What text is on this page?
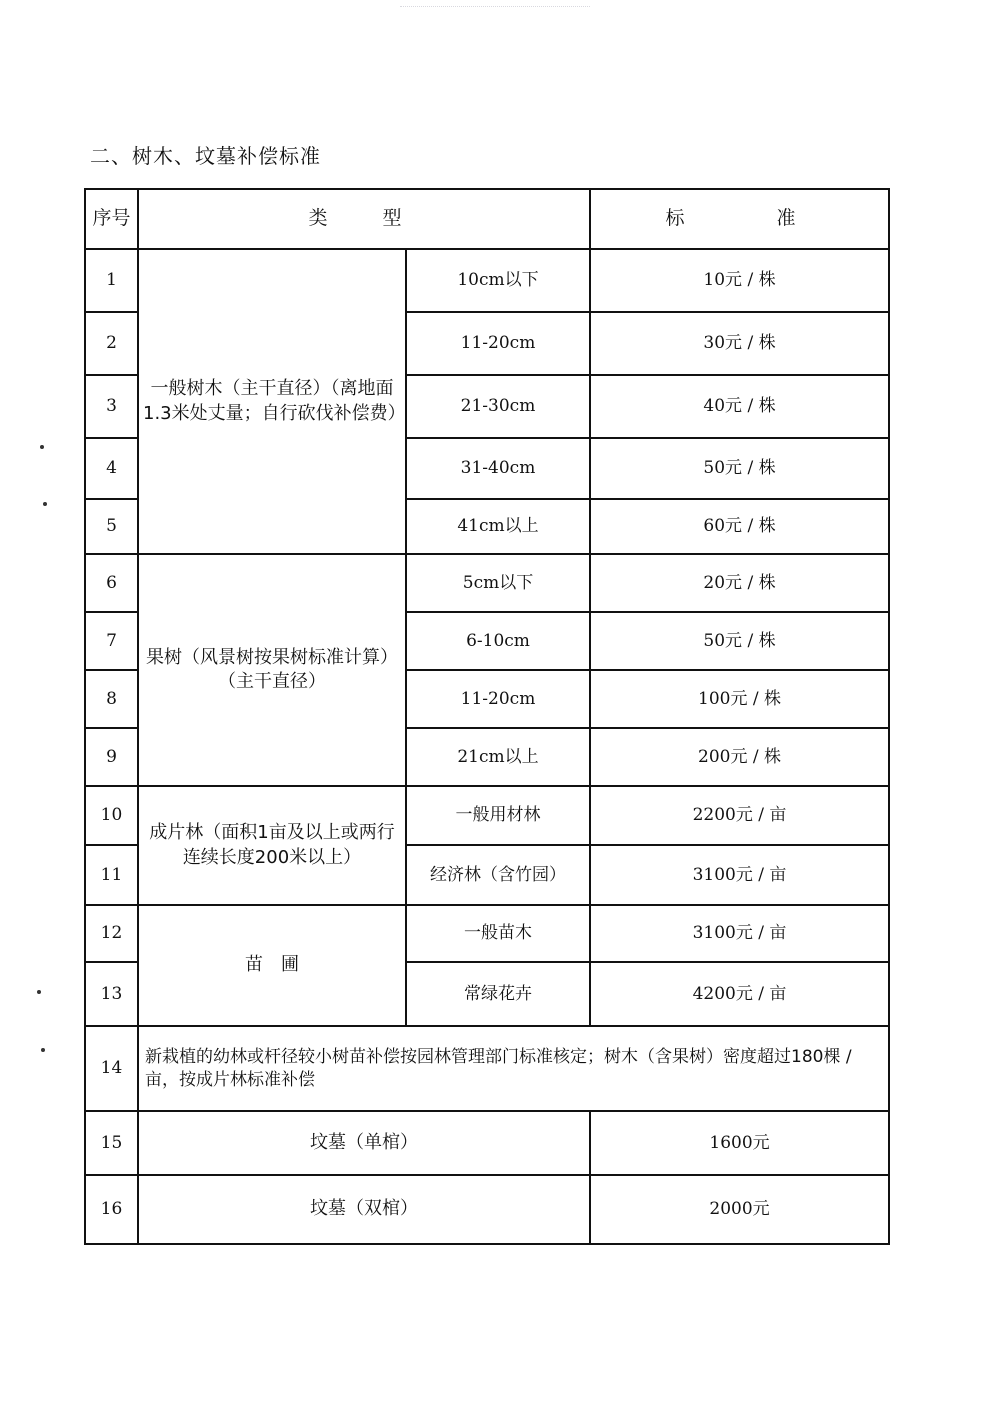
二、树木、坟墓补偿标准
序号	类　型		标　　准
1	一般树木（主干直径）（离地面1.3米处丈量；自行砍伐补偿费）	10cm以下	10元 / 株
2		11-20cm	30元 / 株
3		21-30cm	40元 / 株
4		31-40cm	50元 / 株
5		41cm以上	60元 / 株
6	果树（风景树按果树标准计算）（主干直径）	5cm以下	20元 / 株
7		6-10cm	50元 / 株
8		11-20cm	100元 / 株
9		21cm以上	200元 / 株
10	成片林（面积1亩及以上或两行连续长度200米以上）	一般用材林	2200元 / 亩
11		经济林（含竹园）	3100元 / 亩
12	苗　圃	一般苗木	3100元 / 亩
13		常绿花卉	4200元 / 亩
14	新栽植的幼林或杆径较小树苗补偿按园林管理部门标准核定；树木（含果树）密度超过180棵 / 亩，按成片林标准补偿		
15	坟墓（单棺）		1600元
16	坟墓（双棺）		2000元
